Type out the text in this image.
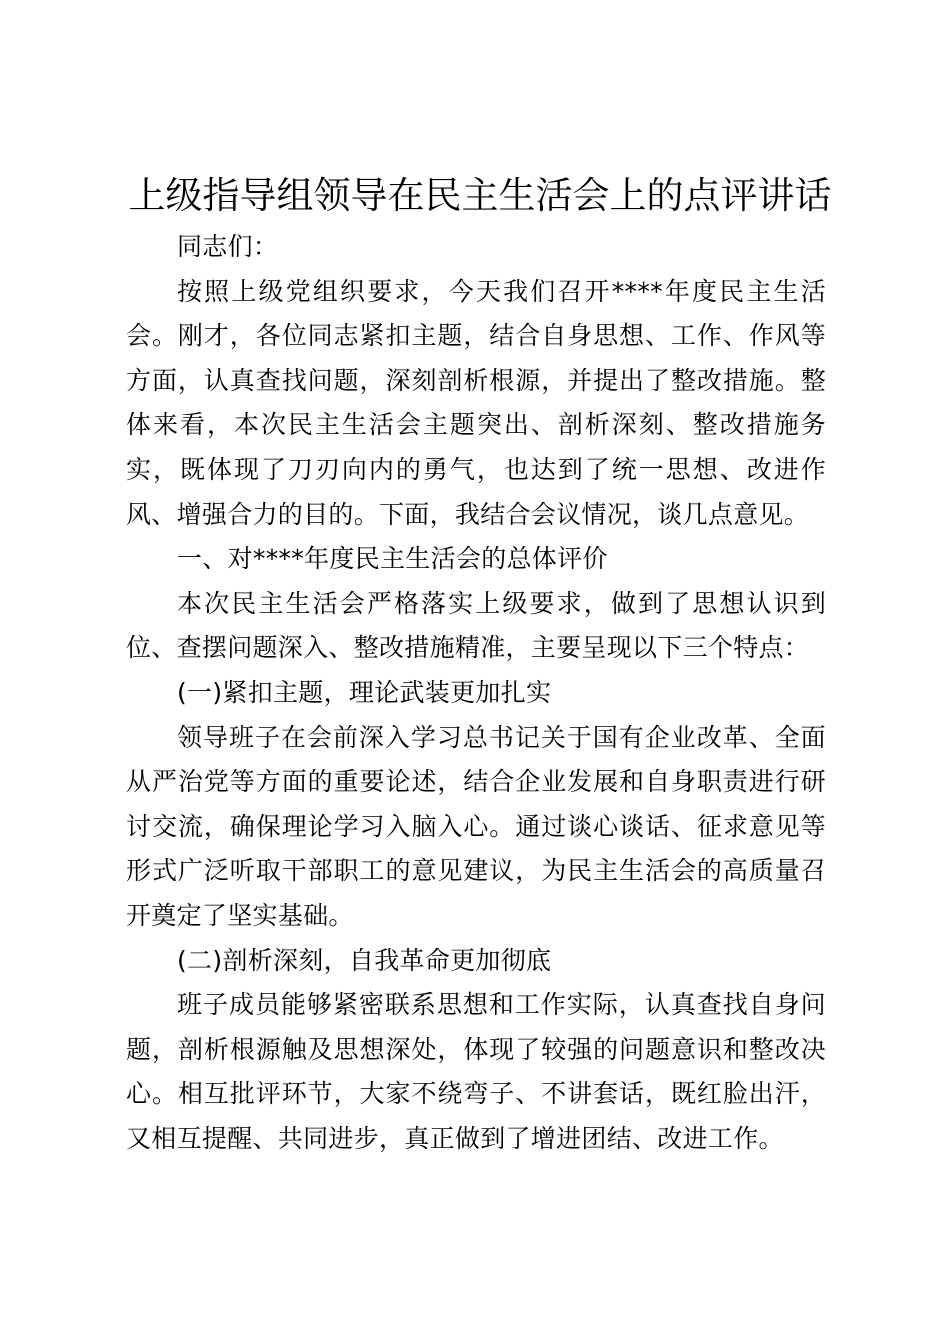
上级指导组领导在民主生活会上的点评讲话

同志们：

按照上级党组织要求，今天我们召开****年度民主生活会。刚才，各位同志紧扣主题，结合自身思想、工作、作风等方面，认真查找问题，深刻剖析根源，并提出了整改措施。整体来看，本次民主生活会主题突出、剖析深刻、整改措施务实，既体现了刀刃向内的勇气，也达到了统一思想、改进作风、增强合力的目的。下面，我结合会议情况，谈几点意见。

一、对****年度民主生活会的总体评价

本次民主生活会严格落实上级要求，做到了思想认识到位、查摆问题深入、整改措施精准，主要呈现以下三个特点：

(一)紧扣主题，理论武装更加扎实

领导班子在会前深入学习总书记关于国有企业改革、全面从严治党等方面的重要论述，结合企业发展和自身职责进行研讨交流，确保理论学习入脑入心。通过谈心谈话、征求意见等形式广泛听取干部职工的意见建议，为民主生活会的高质量召开奠定了坚实基础。

(二)剖析深刻，自我革命更加彻底

班子成员能够紧密联系思想和工作实际，认真查找自身问题，剖析根源触及思想深处，体现了较强的问题意识和整改决心。相互批评环节，大家不绕弯子、不讲套话，既红脸出汗，又相互提醒、共同进步，真正做到了增进团结、改进工作。
